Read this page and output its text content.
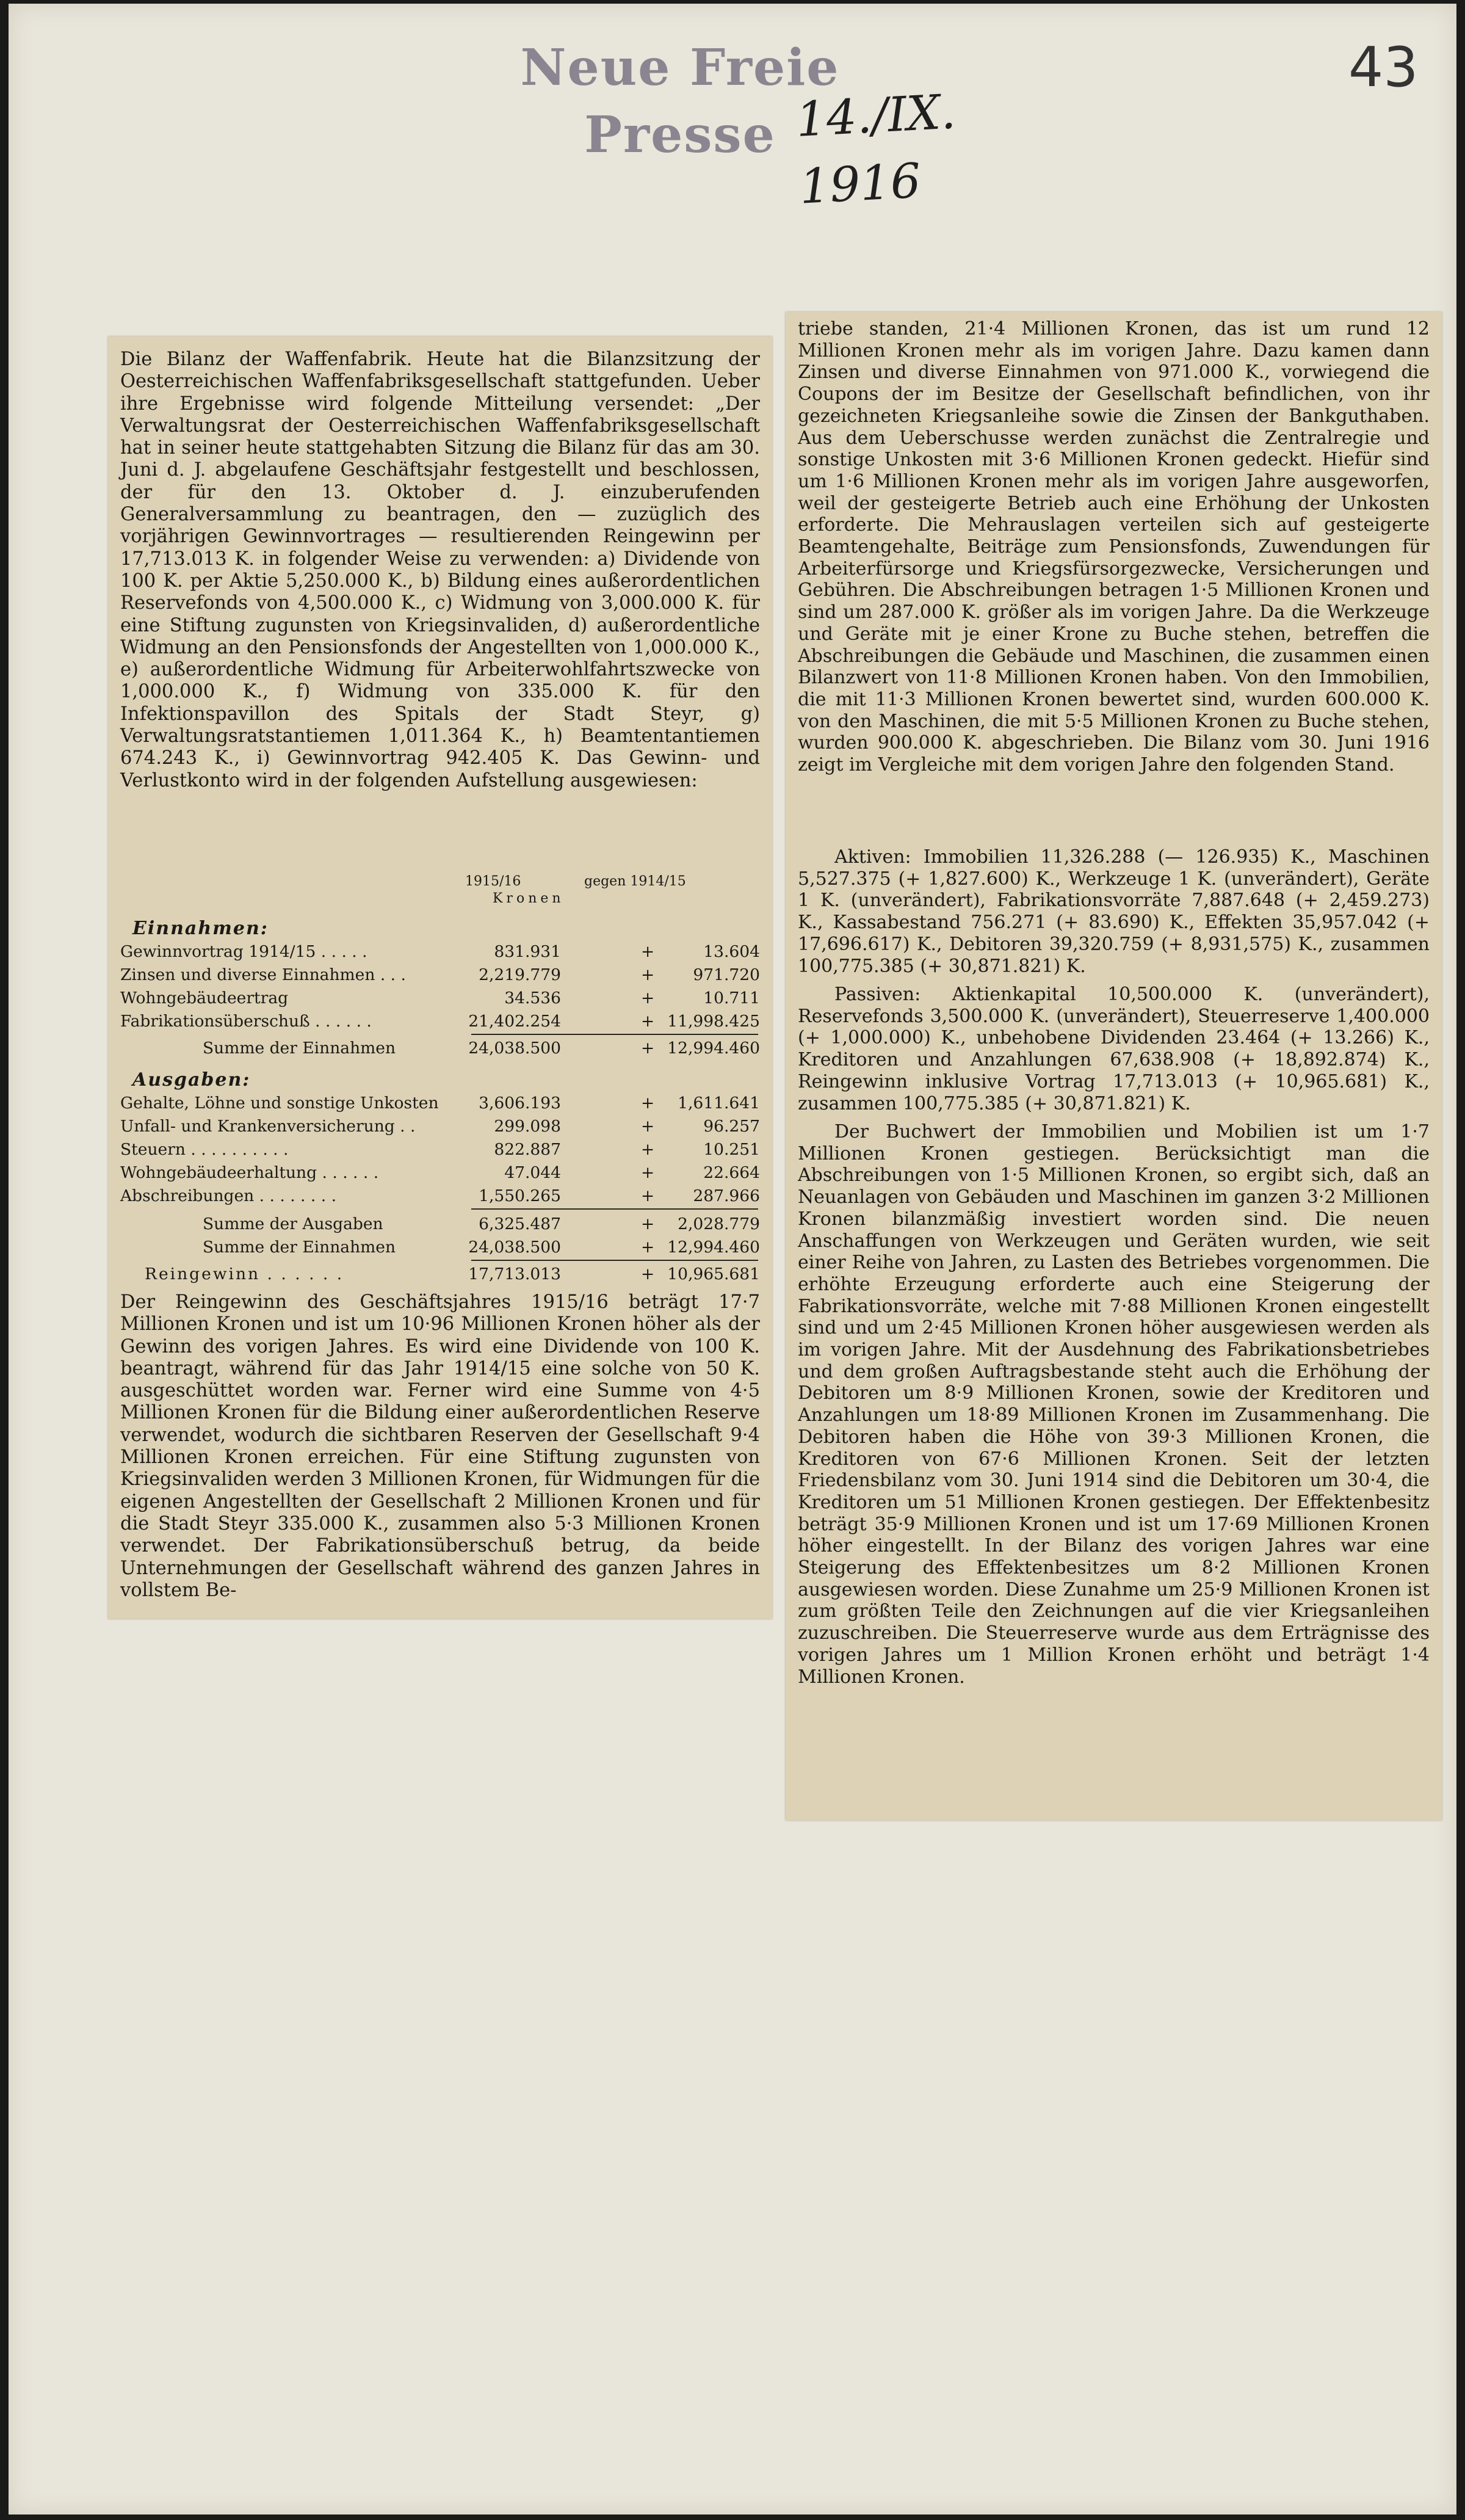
Neue Freie Presse 14./IX. 1916
43
Die Bilanz der Waffenfabrik. Heute hat die Bilanzsitzung der Oesterreichischen Waffenfabriksgesellschaft stattgefunden. Ueber ihre Ergebnisse wird folgende Mitteilung versendet: „Der Verwaltungsrat der Oesterreichischen Waffenfabriksgesellschaft hat in seiner heute stattgehabten Sitzung die Bilanz für das am 30. Juni d. J. abgelaufene Geschäftsjahr festgestellt und beschlossen, der für den 13. Oktober d. J. einzuberufenden Generalversammlung zu beantragen, den — zuzüglich des vorjährigen Gewinnvortrages — resultierenden Reingewinn per 17,713.013 K. in folgender Weise zu verwenden: a) Dividende von 100 K. per Aktie 5,250.000 K., b) Bildung eines außerordentlichen Reservefonds von 4,500.000 K., c) Widmung von 3,000.000 K. für eine Stiftung zugunsten von Kriegsinvaliden, d) außerordentliche Widmung an den Pensionsfonds der Angestellten von 1,000.000 K., e) außerordentliche Widmung für Arbeiterwohlfahrtszwecke von 1,000.000 K., f) Widmung von 335.000 K. für den Infektionspavillon des Spitals der Stadt Steyr, g) Verwaltungsratstantiemen 1,011.364 K., h) Beamtentantiemen 674.243 K., i) Gewinnvortrag 942.405 K. Das Gewinn- und Verlustkonto wird in der folgenden Aufstellung ausgewiesen:
1915/16	gegen 1914/15
Kronen
Einnahmen:
Gewinnvortrag 1914/15 . . . . .	831.931	+	13.604
Zinsen und diverse Einnahmen . . .	2,219.779	+ 971.720
Wohngebäudeertrag	34.536	+	10.711
Fabrikationsüberschuß . . . . . .	21,402.254	+ 11,998.425
Summe der Einnahmen	24,038.500	+ 12,994.460
Ausgaben:
Gehalte, Löhne und sonstige Unkosten 3,606.193	+ 1,611.641
Unfall- und Krankenversicherung . .	299.098	+	96.257
Steuern . . . . . . . . . .	822.887	+	10.251
Wohngebäudeerhaltung . . . . . .	47.044	+	22.664
Abschreibungen . . . . . . . .	1,550.265	+ 287.966
Summe der Ausgaben	6,325.487	+ 2,028.779
Summe der Einnahmen	24,038.500	+ 12,994.460
Reingewinn . . . . . .	17,713.013	+ 10,965.681
Der Reingewinn des Geschäftsjahres 1915/16 beträgt 17·7 Millionen Kronen und ist um 10·96 Millionen Kronen höher als der Gewinn des vorigen Jahres. Es wird eine Dividende von 100 K. beantragt, während für das Jahr 1914/15 eine solche von 50 K. ausgeschüttet worden war. Ferner wird eine Summe von 4·5 Millionen Kronen für die Bildung einer außerordentlichen Reserve verwendet, wodurch die sichtbaren Reserven der Gesellschaft 9·4 Millionen Kronen erreichen. Für eine Stiftung zugunsten von Kriegsinvaliden werden 3 Millionen Kronen, für Widmungen für die eigenen Angestellten der Gesellschaft 2 Millionen Kronen und für die Stadt Steyr 335.000 K., zusammen also 5·3 Millionen Kronen verwendet. Der Fabrikationsüberschuß betrug, da beide Unternehmungen der Gesellschaft während des ganzen Jahres in vollstem Be-
triebe standen, 21·4 Millionen Kronen, das ist um rund 12 Millionen Kronen mehr als im vorigen Jahre. Dazu kamen dann Zinsen und diverse Einnahmen von 971.000 K., vorwiegend die Coupons der im Besitze der Gesellschaft befindlichen, von ihr gezeichneten Kriegsanleihe sowie die Zinsen der Bankguthaben. Aus dem Ueberschusse werden zunächst die Zentralregie und sonstige Unkosten mit 3·6 Millionen Kronen gedeckt. Hiefür sind um 1·6 Millionen Kronen mehr als im vorigen Jahre ausgeworfen, weil der gesteigerte Betrieb auch eine Erhöhung der Unkosten erforderte. Die Mehrauslagen verteilen sich auf gesteigerte Beamtengehalte, Beiträge zum Pensionsfonds, Zuwendungen für Arbeiterfürsorge und Kriegsfürsorgezwecke, Versicherungen und Gebühren. Die Abschreibungen betragen 1·5 Millionen Kronen und sind um 287.000 K. größer als im vorigen Jahre. Da die Werkzeuge und Geräte mit je einer Krone zu Buche stehen, betreffen die Abschreibungen die Gebäude und Maschinen, die zusammen einen Bilanzwert von 11·8 Millionen Kronen haben. Von den Immobilien, die mit 11·3 Millionen Kronen bewertet sind, wurden 600.000 K. von den Maschinen, die mit 5·5 Millionen Kronen zu Buche stehen, wurden 900.000 K. abgeschrieben. Die Bilanz vom 30. Juni 1916 zeigt im Vergleiche mit dem vorigen Jahre den folgenden Stand.
Aktiven: Immobilien 11,326.288 (— 126.935) K., Maschinen 5,527.375 (+ 1,827.600) K., Werkzeuge 1 K. (unverändert), Geräte 1 K. (unverändert), Fabrikationsvorräte 7,887.648 (+ 2,459.273) K., Kassabestand 756.271 (+ 83.690) K., Effekten 35,957.042 (+ 17,696.617) K., Debitoren 39,320.759 (+ 8,931,575) K., zusammen 100,775.385 (+ 30,871.821) K.
Passiven: Aktienkapital 10,500.000 K. (unverändert), Reservefonds 3,500.000 K. (unverändert), Steuerreserve 1,400.000 (+ 1,000.000) K., unbehobene Dividenden 23.464 (+ 13.266) K., Kreditoren und Anzahlungen 67,638.908 (+ 18,892.874) K., Reingewinn inklusive Vortrag 17,713.013 (+ 10,965.681) K., zusammen 100,775.385 (+ 30,871.821) K.
Der Buchwert der Immobilien und Mobilien ist um 1·7 Millionen Kronen gestiegen. Berücksichtigt man die Abschreibungen von 1·5 Millionen Kronen, so ergibt sich, daß an Neuanlagen von Gebäuden und Maschinen im ganzen 3·2 Millionen Kronen bilanzmäßig investiert worden sind. Die neuen Anschaffungen von Werkzeugen und Geräten wurden, wie seit einer Reihe von Jahren, zu Lasten des Betriebes vorgenommen. Die erhöhte Erzeugung erforderte auch eine Steigerung der Fabrikationsvorräte, welche mit 7·88 Millionen Kronen eingestellt sind und um 2·45 Millionen Kronen höher ausgewiesen werden als im vorigen Jahre. Mit der Ausdehnung des Fabrikationsbetriebes und dem großen Auftragsbestande steht auch die Erhöhung der Debitoren um 8·9 Millionen Kronen, sowie der Kreditoren und Anzahlungen um 18·89 Millionen Kronen im Zusammenhang. Die Debitoren haben die Höhe von 39·3 Millionen Kronen, die Kreditoren von 67·6 Millionen Kronen. Seit der letzten Friedensbilanz vom 30. Juni 1914 sind die Debitoren um 30·4, die Kreditoren um 51 Millionen Kronen gestiegen. Der Effektenbesitz beträgt 35·9 Millionen Kronen und ist um 17·69 Millionen Kronen höher eingestellt. In der Bilanz des vorigen Jahres war eine Steigerung des Effektenbesitzes um 8·2 Millionen Kronen ausgewiesen worden. Diese Zunahme um 25·9 Millionen Kronen ist zum größten Teile den Zeichnungen auf die vier Kriegsanleihen zuzuschreiben. Die Steuerreserve wurde aus dem Erträgnisse des vorigen Jahres um 1 Million Kronen erhöht und beträgt 1·4 Millionen Kronen.
